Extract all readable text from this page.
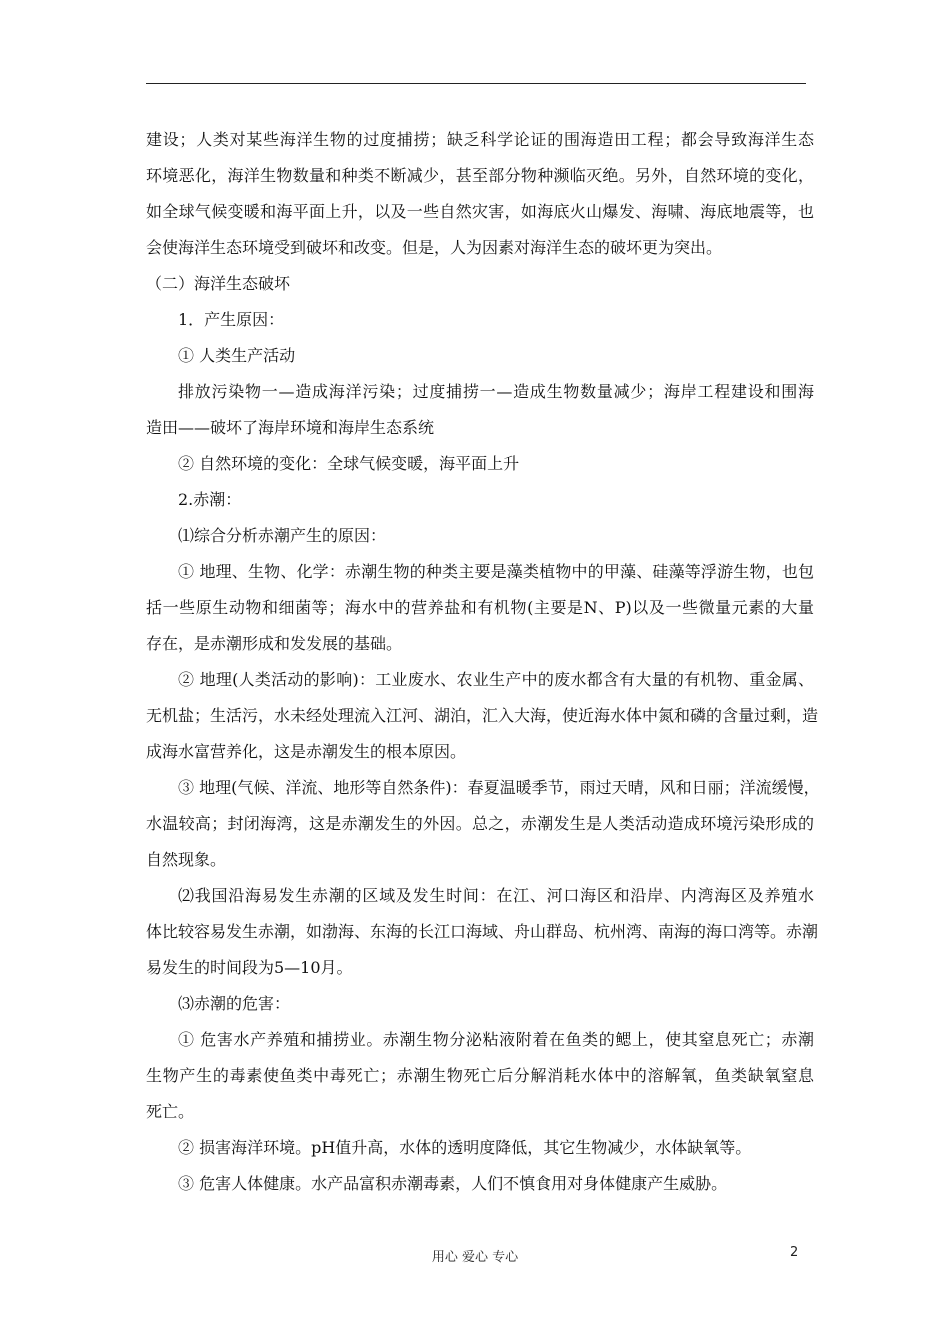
建设；人类对某些海洋生物的过度捕捞；缺乏科学论证的围海造田工程；都会导致海洋生态
环境恶化，海洋生物数量和种类不断减少，甚至部分物种濒临灭绝。另外，自然环境的变化，
如全球气候变暖和海平面上升，以及一些自然灾害，如海底火山爆发、海啸、海底地震等，也
会使海洋生态环境受到破坏和改变。但是，人为因素对海洋生态的破坏更为突出。
（二）海洋生态破坏
1．产生原因：
① 人类生产活动
排放污染物一—造成海洋污染；过度捕捞一—造成生物数量减少；海岸工程建设和围海
造田——破坏了海岸环境和海岸生态系统
② 自然环境的变化：全球气候变暖，海平面上升
2.赤潮：
⑴综合分析赤潮产生的原因：
① 地理、生物、化学：赤潮生物的种类主要是藻类植物中的甲藻、硅藻等浮游生物，也包
括一些原生动物和细菌等；海水中的营养盐和有机物(主要是N、P)以及一些微量元素的大量
存在，是赤潮形成和发发展的基础。
② 地理(人类活动的影响)：工业废水、农业生产中的废水都含有大量的有机物、重金属、
无机盐；生活污，水未经处理流入江河、湖泊，汇入大海，使近海水体中氮和磷的含量过剩，造
成海水富营养化，这是赤潮发生的根本原因。
③ 地理(气候、洋流、地形等自然条件)：春夏温暖季节，雨过天晴，风和日丽；洋流缓慢，
水温较高；封闭海湾，这是赤潮发生的外因。总之，赤潮发生是人类活动造成环境污染形成的
自然现象。
⑵我国沿海易发生赤潮的区域及发生时间：在江、河口海区和沿岸、内湾海区及养殖水
体比较容易发生赤潮，如渤海、东海的长江口海域、舟山群岛、杭州湾、南海的海口湾等。赤潮
易发生的时间段为5—10月。
⑶赤潮的危害：
① 危害水产养殖和捕捞业。赤潮生物分泌粘液附着在鱼类的鳃上，使其窒息死亡；赤潮
生物产生的毒素使鱼类中毒死亡；赤潮生物死亡后分解消耗水体中的溶解氧，鱼类缺氧窒息
死亡。
② 损害海洋环境。pH值升高，水体的透明度降低，其它生物减少，水体缺氧等。
③ 危害人体健康。水产品富积赤潮毒素，人们不慎食用对身体健康产生威胁。
用心 爱心 专心	2
